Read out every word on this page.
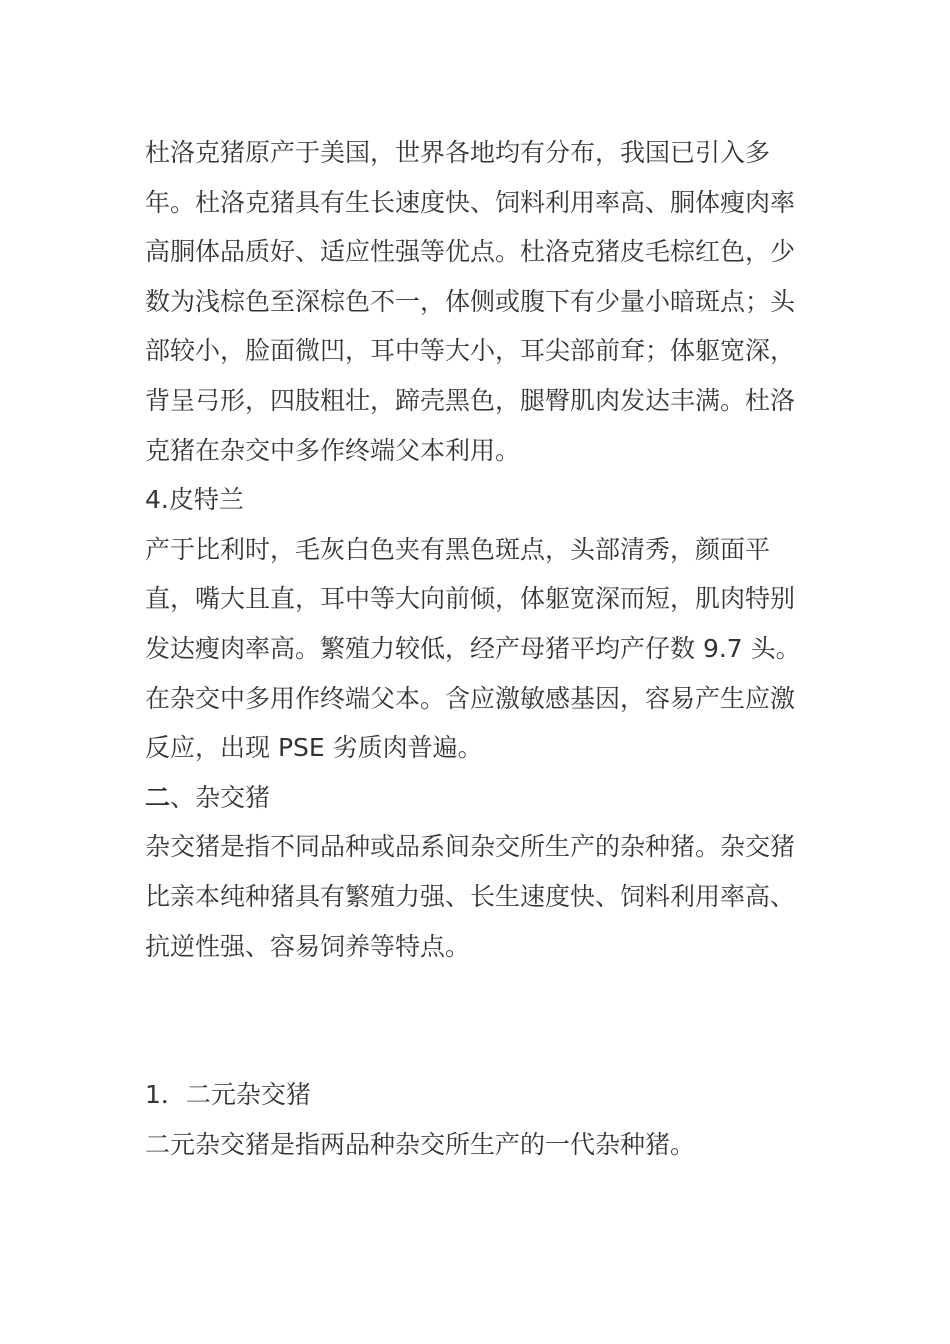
杜洛克猪原产于美国，世界各地均有分布，我国已引入多年。杜洛克猪具有生长速度快、饲料利用率高、胴体瘦肉率高胴体品质好、适应性强等优点。杜洛克猪皮毛棕红色，少数为浅棕色至深棕色不一，体侧或腹下有少量小暗斑点；头部较小，脸面微凹，耳中等大小，耳尖部前耷；体躯宽深，背呈弓形，四肢粗壮，蹄壳黑色，腿臀肌肉发达丰满。杜洛克猪在杂交中多作终端父本利用。

4.皮特兰

产于比利时，毛灰白色夹有黑色斑点，头部清秀，颜面平直，嘴大且直，耳中等大向前倾，体躯宽深而短，肌肉特别发达瘦肉率高。繁殖力较低，经产母猪平均产仔数 9.7 头。在杂交中多用作终端父本。含应激敏感基因，容易产生应激反应，出现 PSE 劣质肉普遍。

二、杂交猪

杂交猪是指不同品种或品系间杂交所生产的杂种猪。杂交猪比亲本纯种猪具有繁殖力强、长生速度快、饲料利用率高、抗逆性强、容易饲养等特点。

1．二元杂交猪

二元杂交猪是指两品种杂交所生产的一代杂种猪。
